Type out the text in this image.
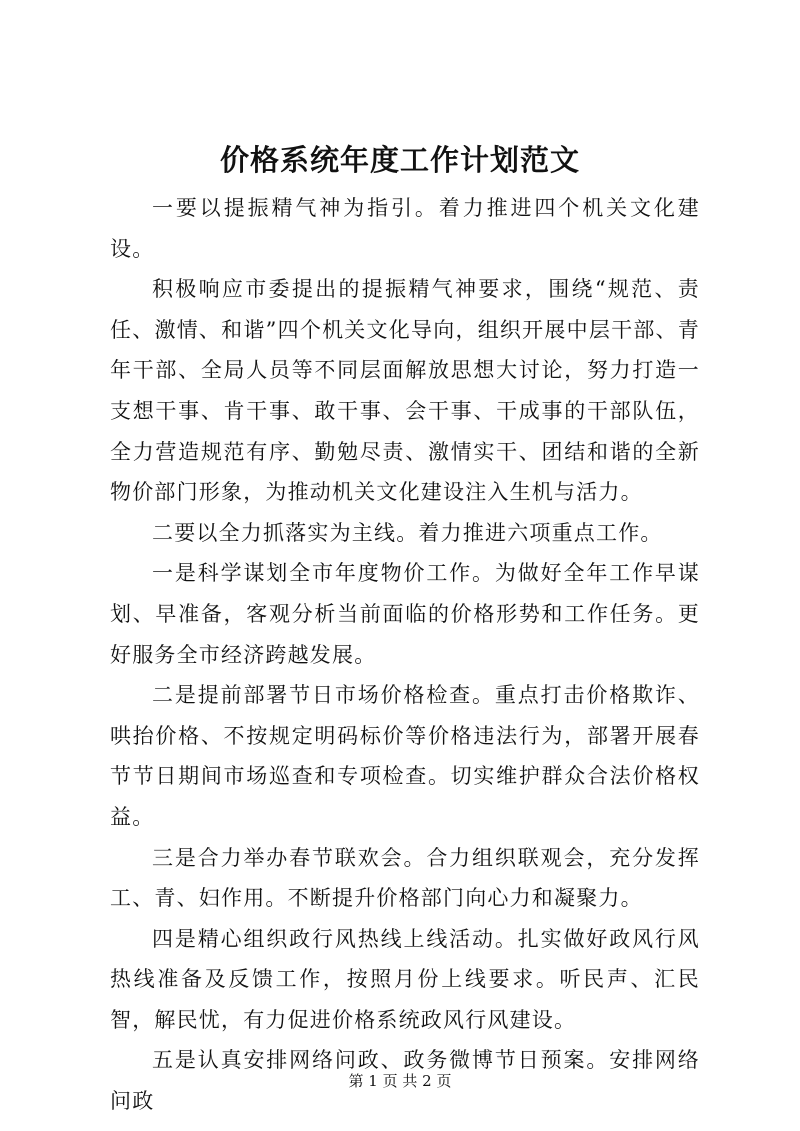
价格系统年度工作计划范文

一要以提振精气神为指引。着力推进四个机关文化建设。

积极响应市委提出的提振精气神要求，围绕“规范、责任、激情、和谐”四个机关文化导向，组织开展中层干部、青年干部、全局人员等不同层面解放思想大讨论，努力打造一支想干事、肯干事、敢干事、会干事、干成事的干部队伍，全力营造规范有序、勤勉尽责、激情实干、团结和谐的全新物价部门形象，为推动机关文化建设注入生机与活力。

二要以全力抓落实为主线。着力推进六项重点工作。

一是科学谋划全市年度物价工作。为做好全年工作早谋划、早准备，客观分析当前面临的价格形势和工作任务。更好服务全市经济跨越发展。

二是提前部署节日市场价格检查。重点打击价格欺诈、哄抬价格、不按规定明码标价等价格违法行为，部署开展春节节日期间市场巡查和专项检查。切实维护群众合法价格权益。

三是合力举办春节联欢会。合力组织联观会，充分发挥工、青、妇作用。不断提升价格部门向心力和凝聚力。

四是精心组织政行风热线上线活动。扎实做好政风行风热线准备及反馈工作，按照月份上线要求。听民声、汇民智，解民忧，有力促进价格系统政风行风建设。

五是认真安排网络问政、政务微博节日预案。安排网络问政

第 1 页 共 2 页
